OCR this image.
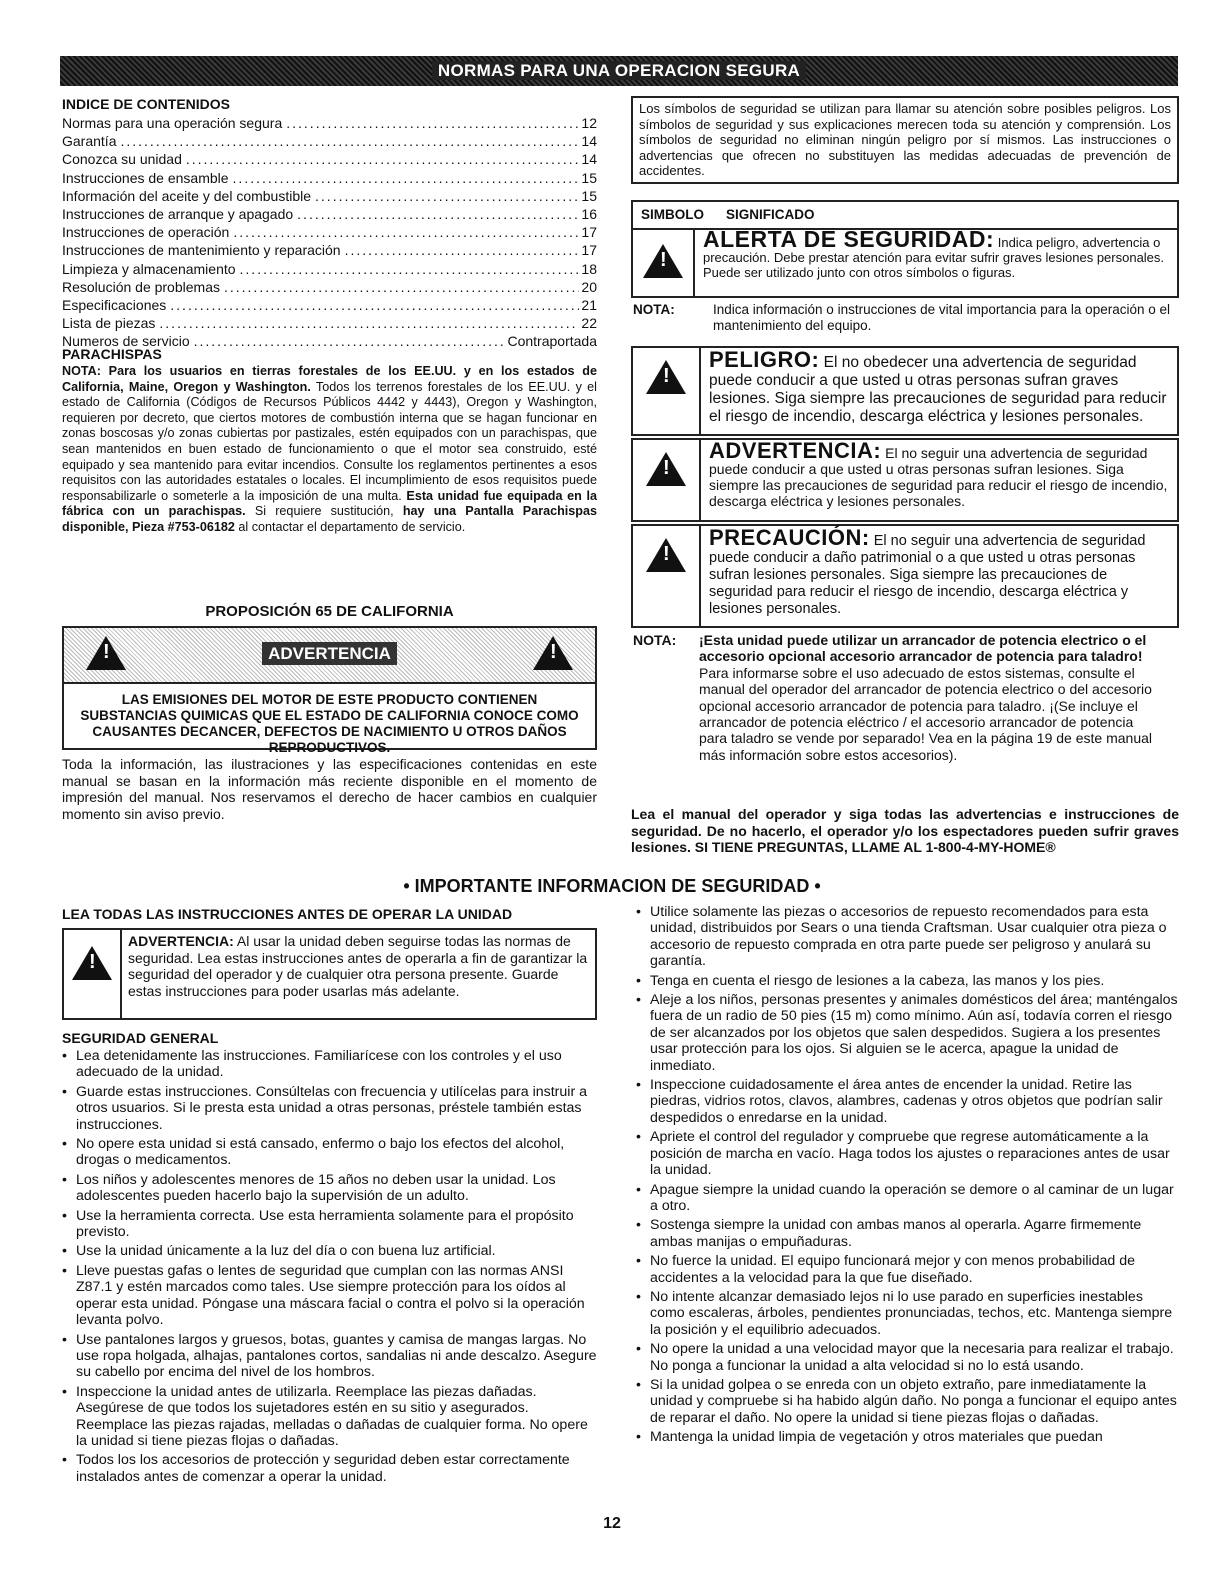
NORMAS PARA UNA OPERACION SEGURA
INDICE DE CONTENIDOS
Normas para una operación segura .....	12
Garantía .....	14
Conozca su unidad .....	14
Instrucciones de ensamble .....	15
Información del aceite y del combustible .....	15
Instrucciones de arranque y apagado .....	16
Instrucciones de operación .....	17
Instrucciones de mantenimiento y reparación .....	17
Limpieza y almacenamiento .....	18
Resolución de problemas .....	20
Especificaciones .....	21
Lista de piezas .....	22
Numeros de servicio .....	Contraportada
PARACHISPAS
NOTA: Para los usuarios en tierras forestales de los EE.UU. y en los estados de California, Maine, Oregon y Washington. Todos los terrenos forestales de los EE.UU. y el estado de California (Códigos de Recursos Públicos 4442 y 4443), Oregon y Washington, requieren por decreto, que ciertos motores de combustión interna que se hagan funcionar en zonas boscosas y/o zonas cubiertas por pastizales, estén equipados con un parachispas, que sean mantenidos en buen estado de funcionamiento o que el motor sea construido, esté equipado y sea mantenido para evitar incendios. Consulte los reglamentos pertinentes a esos requisitos con las autoridades estatales o locales. El incumplimiento de esos requisitos puede responsabilizarle o someterle a la imposición de una multa. Esta unidad fue equipada en la fábrica con un parachispas. Si requiere sustitución, hay una Pantalla Parachispas disponible, Pieza #753-06182 al contactar el departamento de servicio.
PROPOSICIÓN 65 DE CALIFORNIA
!
!
ADVERTENCIA
LAS EMISIONES DEL MOTOR DE ESTE PRODUCTO CONTIENEN SUBSTANCIAS QUIMICAS QUE EL ESTADO DE CALIFORNIA CONOCE COMO CAUSANTES DECANCER, DEFECTOS DE NACIMIENTO U OTROS DAÑOS REPRODUCTIVOS.
Toda la información, las ilustraciones y las especificaciones contenidas en este manual se basan en la información más reciente disponible en el momento de impresión del manual. Nos reservamos el derecho de hacer cambios en cualquier momento sin aviso previo.
Los símbolos de seguridad se utilizan para llamar su atención sobre posibles peligros. Los símbolos de seguridad y sus explicaciones merecen toda su atención y comprensión. Los símbolos de seguridad no eliminan ningún peligro por sí mismos. Las instrucciones o advertencias que ofrecen no substituyen las medidas adecuadas de prevención de accidentes.
SIMBOLO SIGNIFICADO
!
ALERTA DE SEGURIDAD: Indica peligro, advertencia o precaución. Debe prestar atención para evitar sufrir graves lesiones personales. Puede ser utilizado junto con otros símbolos o figuras.
NOTA:	Indica información o instrucciones de vital importancia para la operación o el mantenimiento del equipo.
!
PELIGRO: El no obedecer una advertencia de seguridad puede conducir a que usted u otras personas sufran graves lesiones. Siga siempre las precauciones de seguridad para reducir el riesgo de incendio, descarga eléctrica y lesiones personales.
!
ADVERTENCIA: El no seguir una advertencia de seguridad puede conducir a que usted u otras personas sufran lesiones. Siga siempre las precauciones de seguridad para reducir el riesgo de incendio, descarga eléctrica y lesiones personales.
!
PRECAUCIÓN: El no seguir una advertencia de seguridad puede conducir a daño patrimonial o a que usted u otras personas sufran lesiones personales. Siga siempre las precauciones de seguridad para reducir el riesgo de incendio, descarga eléctrica y lesiones personales.
NOTA:	¡Esta unidad puede utilizar un arrancador de potencia electrico o el accesorio opcional accesorio arrancador de potencia para taladro!
Para informarse sobre el uso adecuado de estos sistemas, consulte el manual del operador del arrancador de potencia electrico o del accesorio opcional accesorio arrancador de potencia para taladro. ¡(Se incluye el arrancador de potencia eléctrico / el accesorio arrancador de potencia para taladro se vende por separado! Vea en la página 19 de este manual más información sobre estos accesorios).
Lea el manual del operador y siga todas las advertencias e instrucciones de seguridad. De no hacerlo, el operador y/o los espectadores pueden sufrir graves lesiones. SI TIENE PREGUNTAS, LLAME AL 1-800-4-MY-HOME®
• IMPORTANTE INFORMACION DE SEGURIDAD •
LEA TODAS LAS INSTRUCCIONES ANTES DE OPERAR LA UNIDAD
!
ADVERTENCIA: Al usar la unidad deben seguirse todas las normas de seguridad. Lea estas instrucciones antes de operarla a fin de garantizar la seguridad del operador y de cualquier otra persona presente. Guarde estas instrucciones para poder usarlas más adelante.
SEGURIDAD GENERAL
• Lea detenidamente las instrucciones. Familiarícese con los controles y el uso adecuado de la unidad.
• Guarde estas instrucciones. Consúltelas con frecuencia y utilícelas para instruir a otros usuarios. Si le presta esta unidad a otras personas, préstele también estas instrucciones.
• No opere esta unidad si está cansado, enfermo o bajo los efectos del alcohol, drogas o medicamentos.
• Los niños y adolescentes menores de 15 años no deben usar la unidad. Los adolescentes pueden hacerlo bajo la supervisión de un adulto.
• Use la herramienta correcta. Use esta herramienta solamente para el propósito previsto.
• Use la unidad únicamente a la luz del día o con buena luz artificial.
• Lleve puestas gafas o lentes de seguridad que cumplan con las normas ANSI Z87.1 y estén marcados como tales. Use siempre protección para los oídos al operar esta unidad. Póngase una máscara facial o contra el polvo si la operación levanta polvo.
• Use pantalones largos y gruesos, botas, guantes y camisa de mangas largas. No use ropa holgada, alhajas, pantalones cortos, sandalias ni ande descalzo. Asegure su cabello por encima del nivel de los hombros.
• Inspeccione la unidad antes de utilizarla. Reemplace las piezas dañadas. Asegúrese de que todos los sujetadores estén en su sitio y asegurados. Reemplace las piezas rajadas, melladas o dañadas de cualquier forma. No opere la unidad si tiene piezas flojas o dañadas.
• Todos los los accesorios de protección y seguridad deben estar correctamente instalados antes de comenzar a operar la unidad.
• Utilice solamente las piezas o accesorios de repuesto recomendados para esta unidad, distribuidos por Sears o una tienda Craftsman. Usar cualquier otra pieza o accesorio de repuesto comprada en otra parte puede ser peligroso y anulará su garantía.
• Tenga en cuenta el riesgo de lesiones a la cabeza, las manos y los pies.
• Aleje a los niños, personas presentes y animales domésticos del área; manténgalos fuera de un radio de 50 pies (15 m) como mínimo. Aún así, todavía corren el riesgo de ser alcanzados por los objetos que salen despedidos. Sugiera a los presentes usar protección para los ojos. Si alguien se le acerca, apague la unidad de inmediato.
• Inspeccione cuidadosamente el área antes de encender la unidad. Retire las piedras, vidrios rotos, clavos, alambres, cadenas y otros objetos que podrían salir despedidos o enredarse en la unidad.
• Apriete el control del regulador y compruebe que regrese automáticamente a la posición de marcha en vacío. Haga todos los ajustes o reparaciones antes de usar la unidad.
• Apague siempre la unidad cuando la operación se demore o al caminar de un lugar a otro.
• Sostenga siempre la unidad con ambas manos al operarla. Agarre firmemente ambas manijas o empuñaduras.
• No fuerce la unidad. El equipo funcionará mejor y con menos probabilidad de accidentes a la velocidad para la que fue diseñado.
• No intente alcanzar demasiado lejos ni lo use parado en superficies inestables como escaleras, árboles, pendientes pronunciadas, techos, etc. Mantenga siempre la posición y el equilibrio adecuados.
• No opere la unidad a una velocidad mayor que la necesaria para realizar el trabajo. No ponga a funcionar la unidad a alta velocidad si no lo está usando.
• Si la unidad golpea o se enreda con un objeto extraño, pare inmediatamente la unidad y compruebe si ha habido algún daño. No ponga a funcionar el equipo antes de reparar el daño. No opere la unidad si tiene piezas flojas o dañadas.
• Mantenga la unidad limpia de vegetación y otros materiales que puedan
12
